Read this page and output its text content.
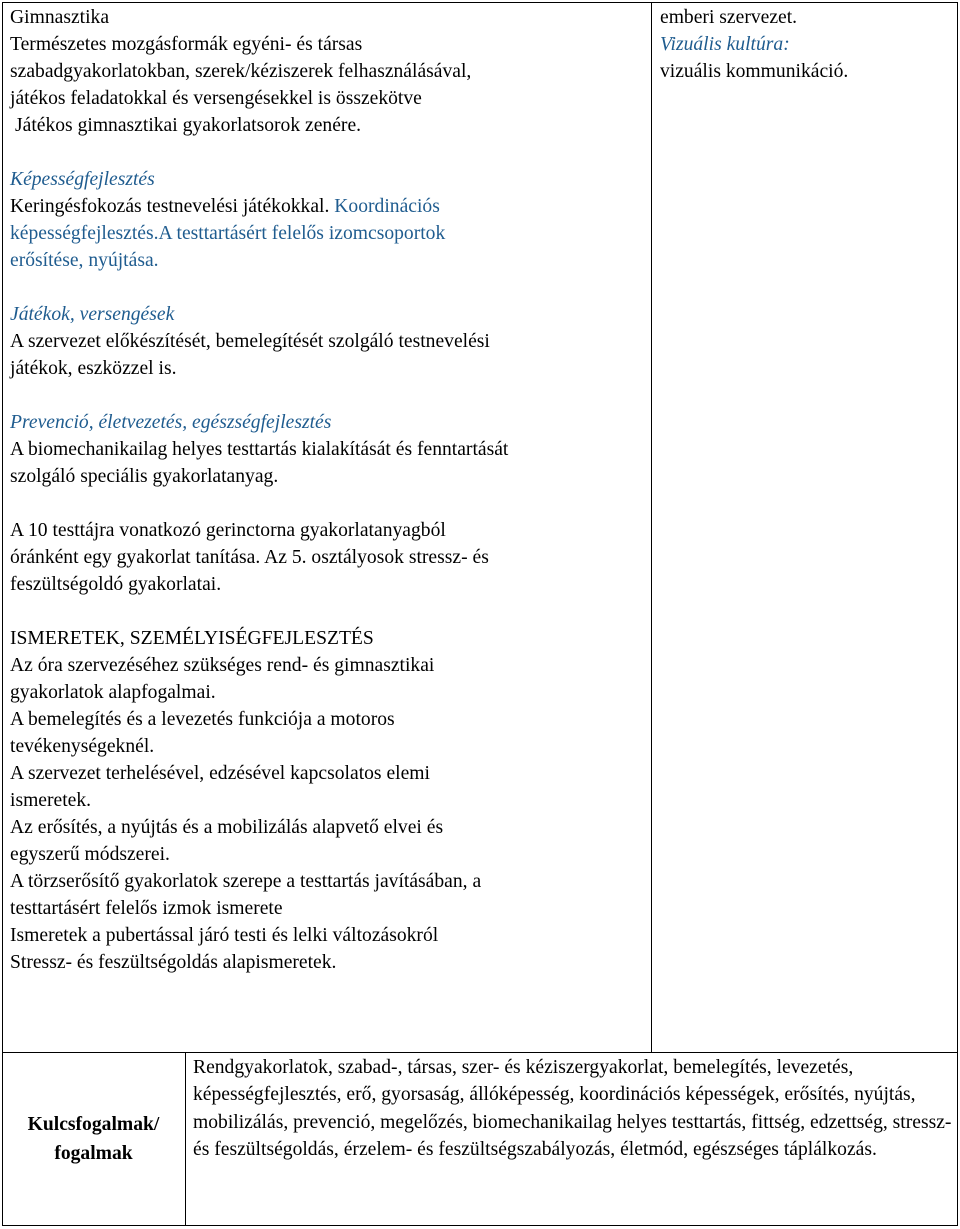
Gimnasztika

Természetes mozgásformák egyéni- és társas

szabadgyakorlatokban, szerek/kéziszerek felhasználásával,

játékos feladatokkal és versengésekkel is összekötve

Játékos gimnasztikai gyakorlatsorok zenére.

Képességfejlesztés

Keringésfokozás testnevelési játékokkal. Koordinációs

képességfejlesztés.A testtartásért felelős izomcsoportok

erősítése, nyújtása.

Játékok, versengések

A szervezet előkészítését, bemelegítését szolgáló testnevelési

játékok, eszközzel is.

Prevenció, életvezetés, egészségfejlesztés

A biomechanikailag helyes testtartás kialakítását és fenntartását

szolgáló speciális gyakorlatanyag.

A 10 testtájra vonatkozó gerinctorna gyakorlatanyagból

óránként egy gyakorlat tanítása. Az 5. osztályosok stressz- és

feszültségoldó gyakorlatai.

ISMERETEK, SZEMÉLYISÉGFEJLESZTÉS

Az óra szervezéséhez szükséges rend- és gimnasztikai

gyakorlatok alapfogalmai.

A bemelegítés és a levezetés funkciója a motoros

tevékenységeknél.

A szervezet terhelésével, edzésével kapcsolatos elemi

ismeretek.

Az erősítés, a nyújtás és a mobilizálás alapvető elvei és

egyszerű módszerei.

A törzserősítő gyakorlatok szerepe a testtartás javításában, a

testtartásért felelős izmok ismerete

Ismeretek a pubertással járó testi és lelki változásokról

Stressz- és feszültségoldás alapismeretek.

emberi szervezet.

Vizuális kultúra:

vizuális kommunikáció.

Kulcsfogalmak/
fogalmak
Rendgyakorlatok, szabad-, társas, szer- és kéziszergyakorlat, bemelegítés, levezetés, képességfejlesztés, erő, gyorsaság, állóképesség, koordinációs képességek, erősítés, nyújtás, mobilizálás, prevenció, megelőzés, biomechanikailag helyes testtartás, fittség, edzettség, stressz- és feszültségoldás, érzelem- és feszültségszabályozás, életmód, egészséges táplálkozás.
